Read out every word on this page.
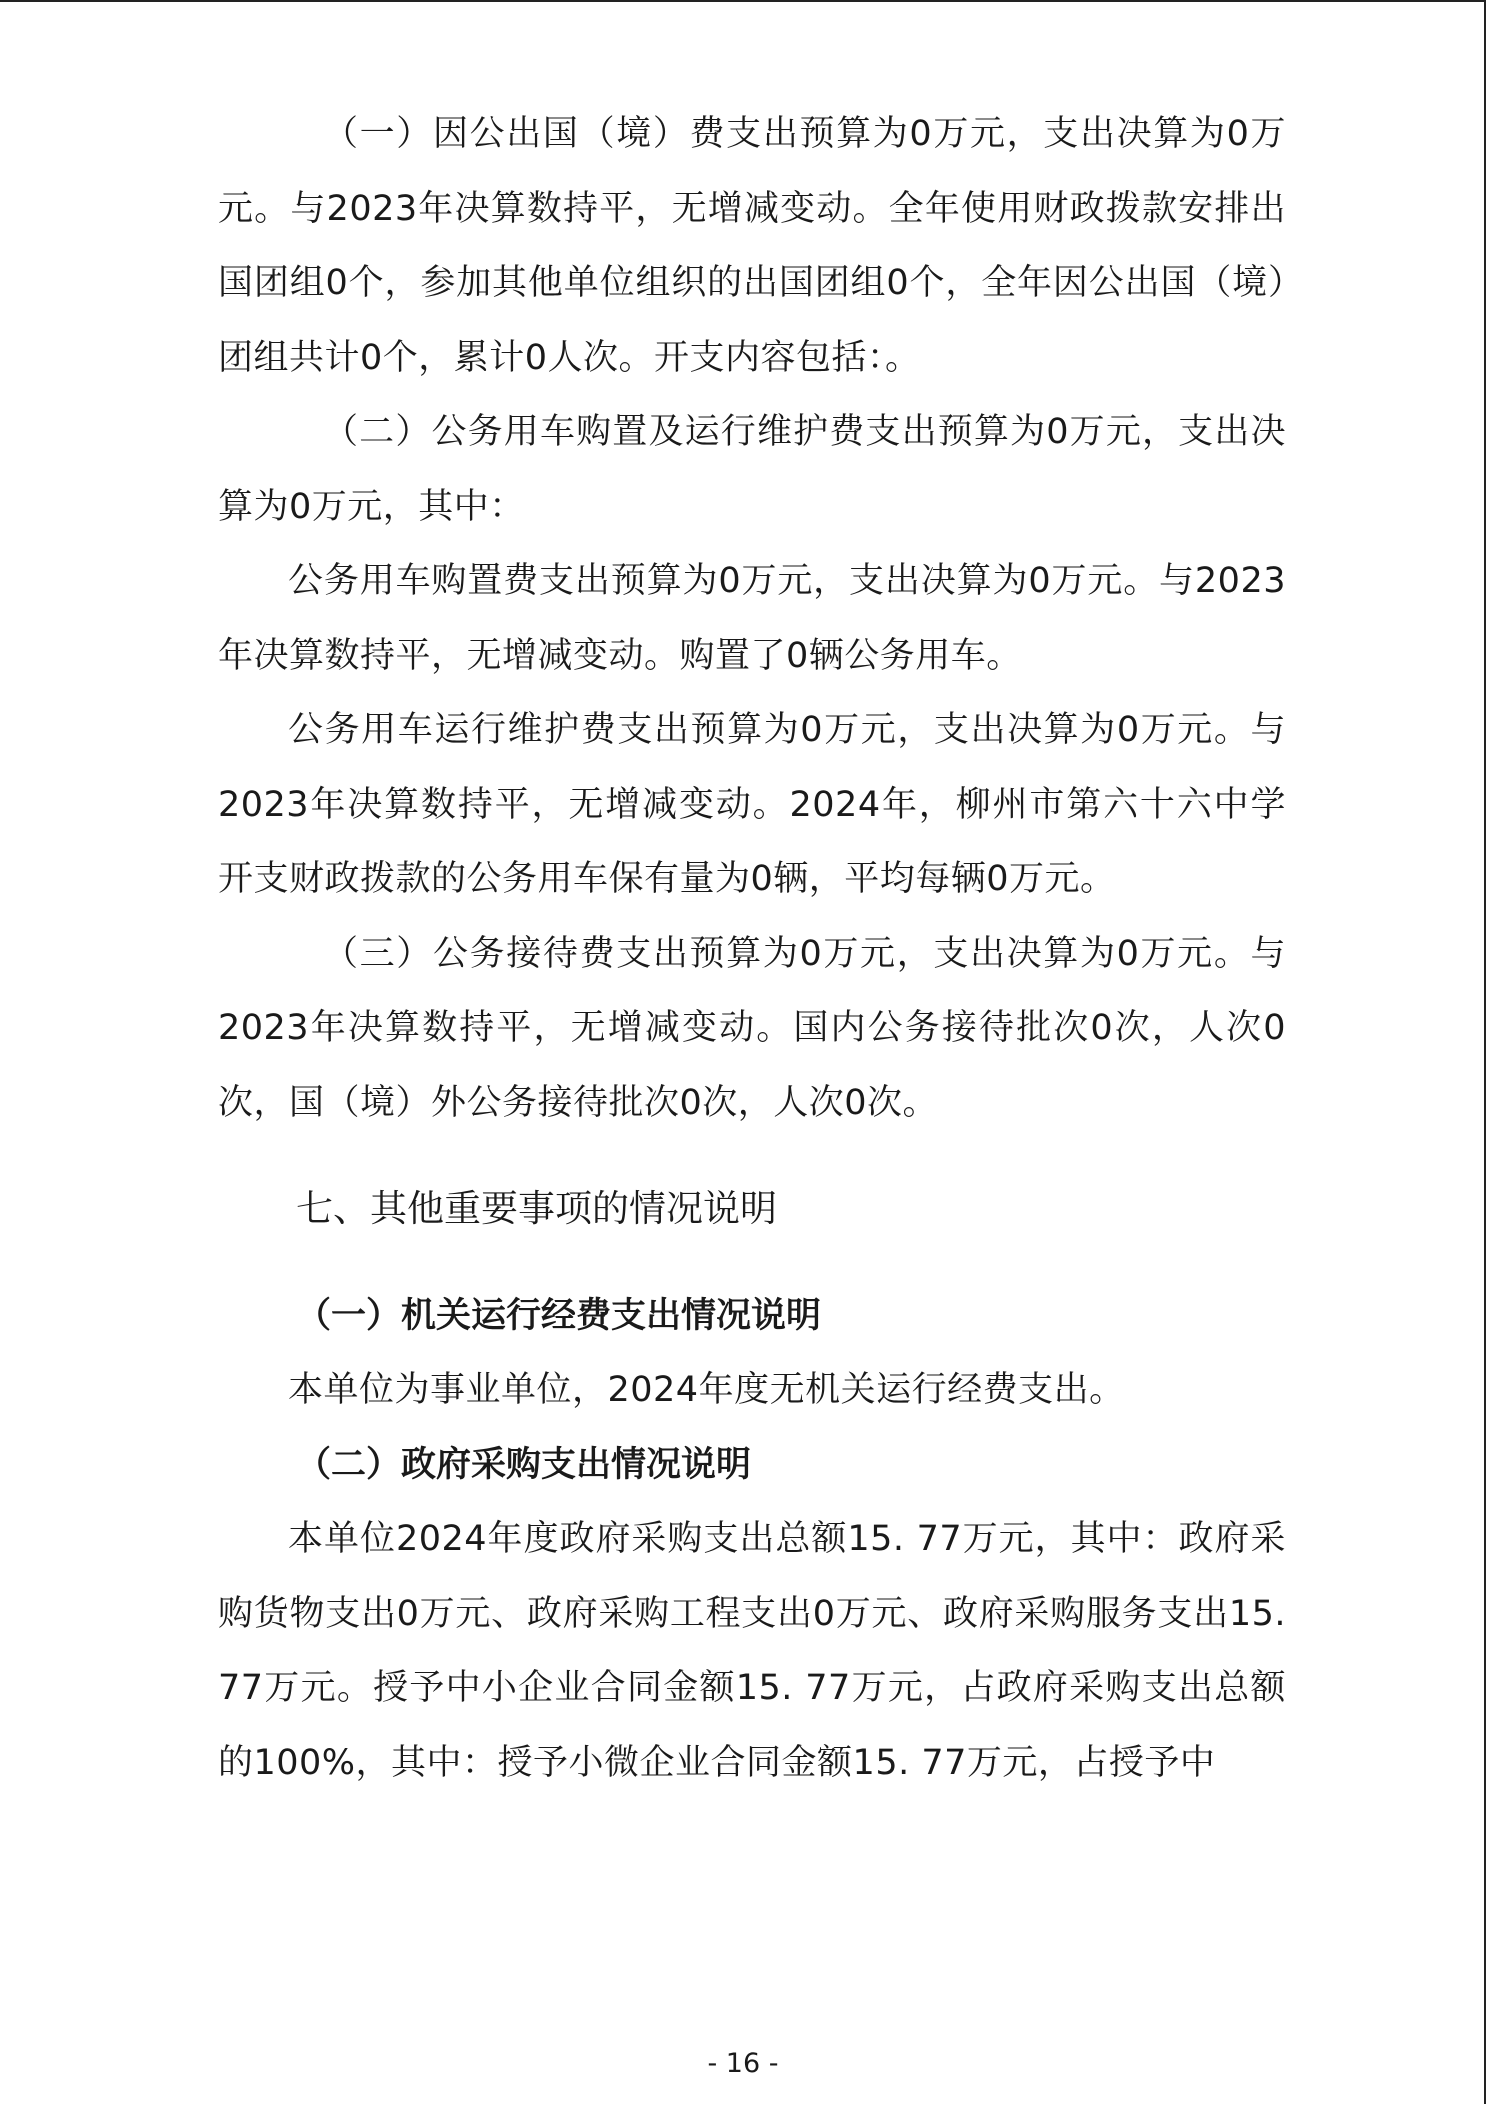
（一）因公出国（境）费支出预算为0万元，支出决算为0万元。与2023年决算数持平，无增减变动。全年使用财政拨款安排出国团组0个，参加其他单位组织的出国团组0个，全年因公出国（境）团组共计0个，累计0人次。开支内容包括：。

（二）公务用车购置及运行维护费支出预算为0万元，支出决算为0万元，其中：

公务用车购置费支出预算为0万元，支出决算为0万元。与2023年决算数持平，无增减变动。购置了0辆公务用车。

公务用车运行维护费支出预算为0万元，支出决算为0万元。与2023年决算数持平，无增减变动。2024年，柳州市第六十六中学开支财政拨款的公务用车保有量为0辆，平均每辆0万元。

（三）公务接待费支出预算为0万元，支出决算为0万元。与2023年决算数持平，无增减变动。国内公务接待批次0次，人次0次，国（境）外公务接待批次0次，人次0次。

七、其他重要事项的情况说明
（一）机关运行经费支出情况说明

本单位为事业单位，2024年度无机关运行经费支出。

（二）政府采购支出情况说明

本单位2024年度政府采购支出总额15. 77万元，其中：政府采购货物支出0万元、政府采购工程支出0万元、政府采购服务支出15. 77万元。授予中小企业合同金额15. 77万元，占政府采购支出总额的100%，其中：授予小微企业合同金额15. 77万元，占授予中

- 16 -
